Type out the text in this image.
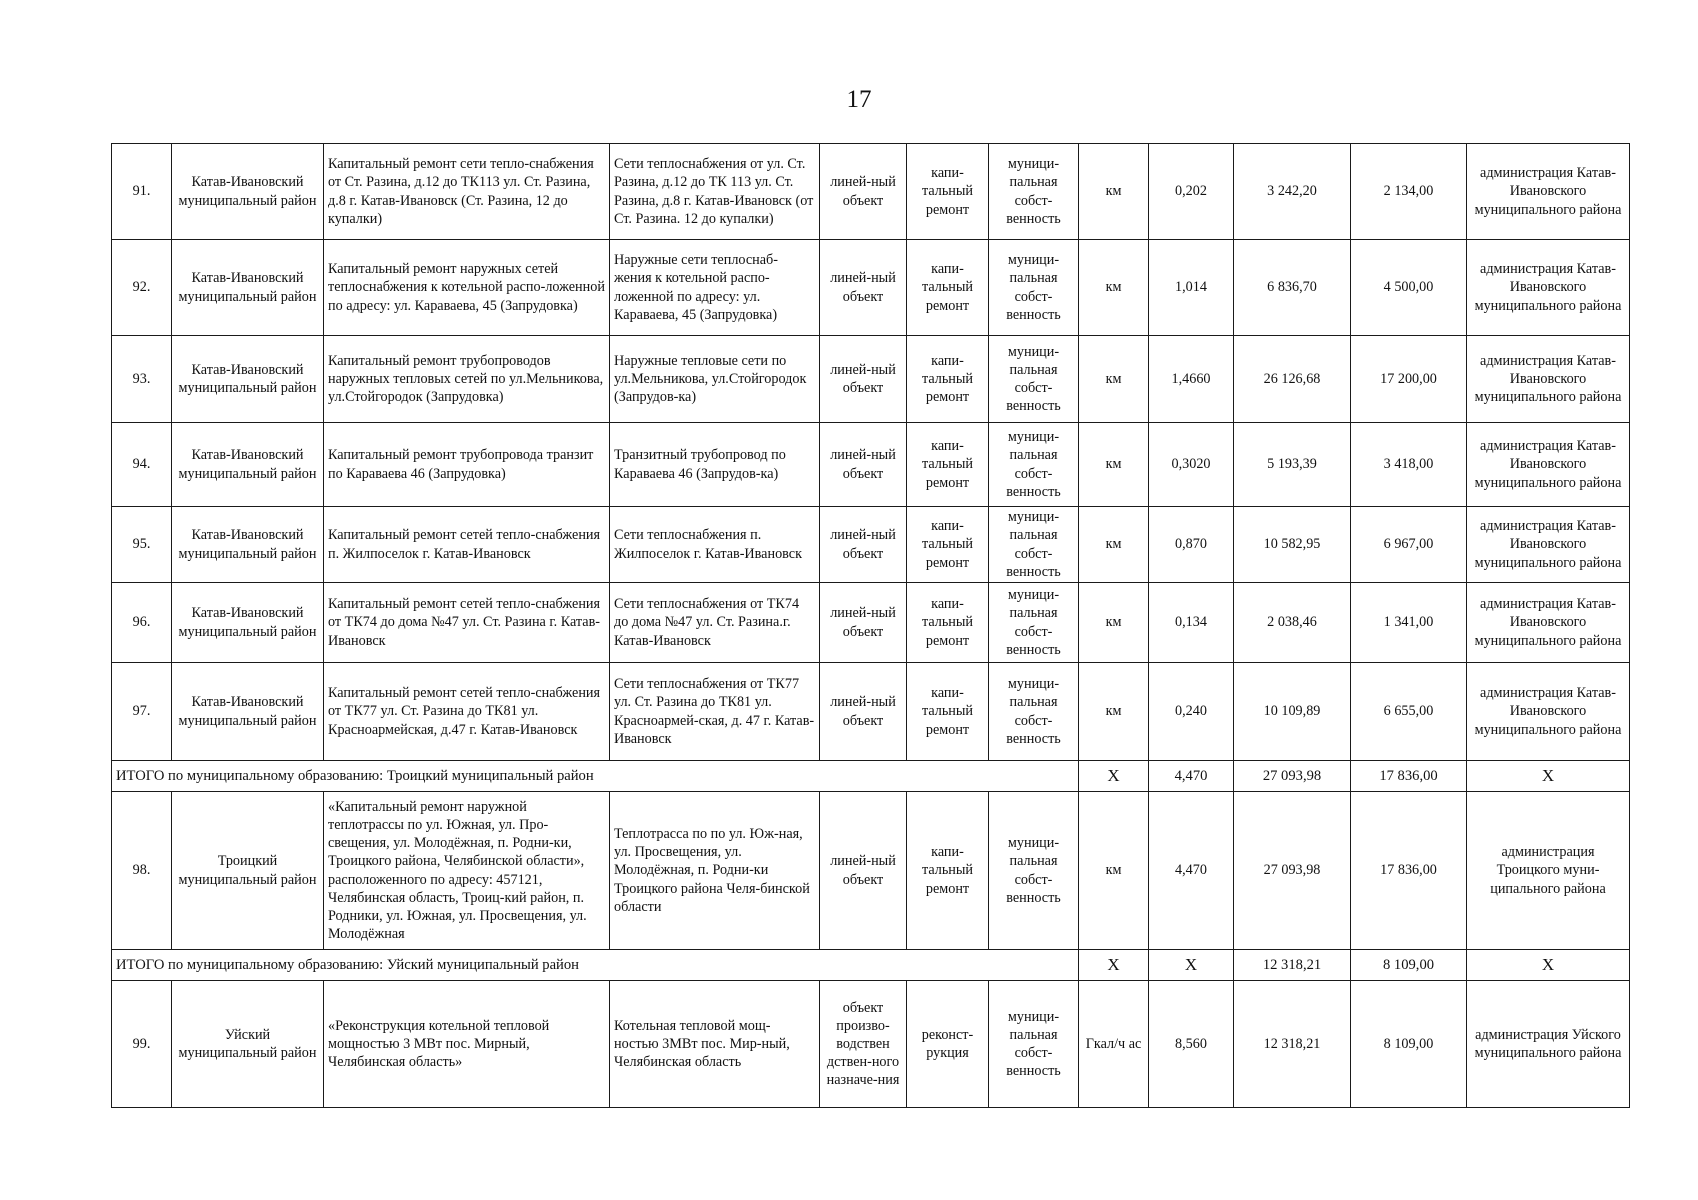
17
91.	Катав-Ивановский муниципальный район	Капитальный ремонт сети тепло-снабжения от Ст. Разина, д.12 до ТК113 ул. Ст. Разина, д.8 г. Катав-Ивановск (Ст. Разина, 12 до купалки)	Сети теплоснабжения от ул. Ст. Разина, д.12 до ТК 113 ул. Ст. Разина, д.8 г. Катав-Ивановск (от Ст. Разина. 12 до купалки)	линей-ный объект	капи-тальный ремонт	муници-пальная собст-венность	км	0,202	3 242,20	2 134,00	администрация Катав-Ивановского муниципального района
92.	Катав-Ивановский муниципальный район	Капитальный ремонт наружных сетей теплоснабжения к котельной распо-ложенной по адресу: ул. Караваева, 45 (Запрудовка)	Наружные сети теплоснаб-жения к котельной распо-ложенной по адресу: ул. Караваева, 45 (Запрудовка)	линей-ный объект	капи-тальный ремонт	муници-пальная собст-венность	км	1,014	6 836,70	4 500,00	администрация Катав-Ивановского муниципального района
93.	Катав-Ивановский муниципальный район	Капитальный ремонт трубопроводов наружных тепловых сетей по ул.Мельникова, ул.Стойгородок (Запрудовка)	Наружные тепловые сети по ул.Мельникова, ул.Стойгородок (Запрудов-ка)	линей-ный объект	капи-тальный ремонт	муници-пальная собст-венность	км	1,4660	26 126,68	17 200,00	администрация Катав-Ивановского муниципального района
94.	Катав-Ивановский муниципальный район	Капитальный ремонт трубопровода транзит по Караваева 46 (Запрудовка)	Транзитный трубопровод по Караваева 46 (Запрудов-ка)	линей-ный объект	капи-тальный ремонт	муници-пальная собст-венность	км	0,3020	5 193,39	3 418,00	администрация Катав-Ивановского муниципального района
95.	Катав-Ивановский муниципальный район	Капитальный ремонт сетей тепло-снабжения п. Жилпоселок г. Катав-Ивановск	Сети теплоснабжения п. Жилпоселок г. Катав-Ивановск	линей-ный объект	капи-тальный ремонт	муници-пальная собст-венность	км	0,870	10 582,95	6 967,00	администрация Катав-Ивановского муниципального района
96.	Катав-Ивановский муниципальный район	Капитальный ремонт сетей тепло-снабжения от ТК74 до дома №47 ул. Ст. Разина г. Катав-Ивановск	Сети теплоснабжения от ТК74 до дома №47 ул. Ст. Разина.г. Катав-Ивановск	линей-ный объект	капи-тальный ремонт	муници-пальная собст-венность	км	0,134	2 038,46	1 341,00	администрация Катав-Ивановского муниципального района
97.	Катав-Ивановский муниципальный район	Капитальный ремонт сетей тепло-снабжения от ТК77 ул. Ст. Разина до ТК81 ул. Красноармейская, д.47 г. Катав-Ивановск	Сети теплоснабжения от ТК77 ул. Ст. Разина до ТК81 ул. Красноармей-ская, д. 47 г. Катав-Ивановск	линей-ный объект	капи-тальный ремонт	муници-пальная собст-венность	км	0,240	10 109,89	6 655,00	администрация Катав-Ивановского муниципального района
ИТОГО по муниципальному образованию: Троицкий муниципальный район							X	4,470	27 093,98	17 836,00	X
98.	Троицкий муниципальный район	«Капитальный ремонт наружной теплотрассы по ул. Южная, ул. Про-свещения, ул. Молодёжная, п. Родни-ки, Троицкого района, Челябинской области», расположенного по адресу: 457121, Челябинская область, Троиц-кий район, п. Родники, ул. Южная, ул. Просвещения, ул. Молодёжная	Теплотрасса по по ул. Юж-ная, ул. Просвещения, ул. Молодёжная, п. Родни-ки Троицкого района Челя-бинской области	линей-ный объект	капи-тальный ремонт	муници-пальная собст-венность	км	4,470	27 093,98	17 836,00	администрация Троицкого муни-ципального района
ИТОГО по муниципальному образованию: Уйский муниципальный район							X	X	12 318,21	8 109,00	X
99.	Уйский муниципальный район	«Реконструкция котельной тепловой мощностью 3 МВт пос. Мирный, Челябинская область»	Котельная тепловой мощ-ностью 3МВт пос. Мир-ный, Челябинская область	объект произво-водствен дствен-ного назначе-ния	реконст-рукция	муници-пальная собст-венность	Гкал/ч ас	8,560	12 318,21	8 109,00	администрация Уйского муниципального района
